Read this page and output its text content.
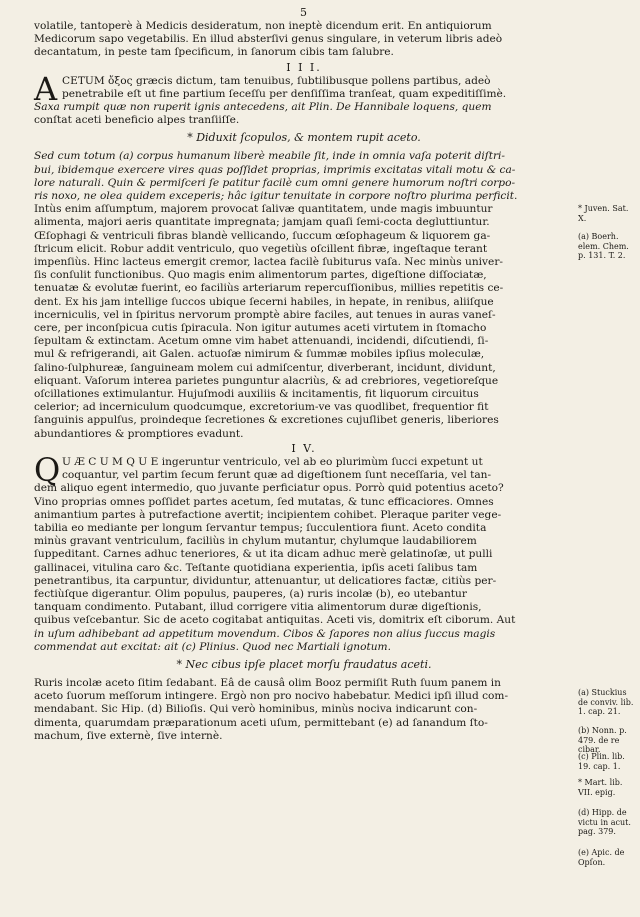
5

volatile, tantoperè à Medicis desideratum, non ineptè dicendum erit. En antiquiorum
Medicorum sapo vegetabilis. En illud absterſivi genus singulare, in veterum libris adeò
decantatum, in peste tam ſpecificum, in ſanorum cibis tam ſalubre.

I I I.
A CETUM ὄξος græcis dictum, tam tenuibus, ſubtilibusque pollens partibus, adeò
penetrabile eſt ut fine partium ſeceſſu per denſiſſima tranſeat, quam expeditiſſimè.

Saxa rumpit quæ non ruperit ignis antecedens, ait Plin. De Hannibale loquens, quem
conſtat aceti beneficio alpes tranſiiſſe.

* Diduxit ſcopulos, & montem rupit aceto.

Sed cum totum (a) corpus humanum liberè meabile ſit, inde in omnia vaſa poterit diſtri-
bui, ibidemque exercere vires quas poſſidet proprias, imprimis excitatas vitali motu & ca-
lore naturali. Quin & permiſceri ſe patitur facilè cum omni genere humorum noſtri corpo-
ris noxo, ne olea quidem exceperis; hâc igitur tenuitate in corpore noſtro plurima perficit.
Intùs enim aſſumptum, majorem provocat ſalivæ quantitatem, unde magis imbuuntur
alimenta, majori aeris quantitate impregnata; jamjam quaſi ſemi-cocta degluttiuntur.
Œſophagi & ventriculi fibras blandè vellicando, ſuccum œſophageum & liquorem ga-
ſtricum elicit. Robur addit ventriculo, quo vegetiùs oſcillent fibræ, ingeſtaque terant
impenſiùs. Hinc lacteus emergit cremor, lactea facilè ſubiturus vaſa. Nec minùs univer-
ſis conſulit functionibus. Quo magis enim alimentorum partes, digeſtione diſſociatæ,
tenuatæ & evolutæ fuerint, eo faciliùs arteriarum repercuſſionibus, millies repetitis ce-
dent. Ex his jam intellige ſuccos ubique ſecerni habiles, in hepate, in renibus, aliiſque
incerniculis, vel in ſpiritus nervorum promptè abire faciles, aut tenues in auras vaneſ-
cere, per inconſpicua cutis ſpiracula. Non igitur autumes aceti virtutem in ſtomacho
ſepultam & extinctam. Acetum omne vim habet attenuandi, incidendi, diſcutiendi, ſi-
mul & refrigerandi, ait Galen. actuoſæ nimirum & ſummæ mobiles ipſius moleculæ,
ſalino-ſulphureæ, ſanguineam molem cui admiſcentur, diverberant, incidunt, dividunt,
eliquant. Vaſorum interea parietes punguntur alacriùs, & ad crebriores, vegetioreſque
oſcillationes extimulantur. Hujuſmodi auxiliis & incitamentis, fit liquorum circuitus
celerior; ad incerniculum quodcumque, excretorium-ve vas quodlibet, frequentior fit
ſanguinis appulſus, proindeque ſecretiones & excretiones cujuſlibet generis, liberiores
abundantiores & promptiores evadunt.

I V.
Q U Æ C U M Q U E ingeruntur ventriculo, vel ab eo plurimùm ſucci expetunt ut
coquantur, vel partim ſecum ferunt quæ ad digeſtionem ſunt neceſſaria, vel tan-

dem aliquo egent intermedio, quo juvante perficiatur opus. Porrò quid potentius aceto?
Vino proprias omnes poſſidet partes acetum, ſed mutatas, & tunc efficaciores. Omnes
animantium partes à putrefactione avertit; incipientem cohibet. Pleraque pariter vege-
tabilia eo mediante per longum ſervantur tempus; ſucculentiora fiunt. Aceto condita
minùs gravant ventriculum, faciliùs in chylum mutantur, chylumque laudabiliorem
ſuppeditant. Carnes adhuc teneriores, & ut ita dicam adhuc merè gelatinoſæ, ut pulli
gallinacei, vitulina caro &c. Teſtante quotidiana experientia, ipſis aceti ſalibus tam
penetrantibus, ita carpuntur, dividuntur, attenuantur, ut delicatiores factæ, citiùs per-
fectiùſque digerantur. Olim populus, pauperes, (a) ruris incolæ (b), eo utebantur
tanquam condimento. Putabant, illud corrigere vitia alimentorum duræ digeſtionis,
quibus veſcebantur. Sic de aceto cogitabat antiquitas. Aceti vis, domitrix eſt ciborum. Aut
in uſum adhibebant ad appetitum movendum. Cibos & ſapores non alius ſuccus magis
commendat aut excitat: ait (c) Plinius. Quod nec Martiali ignotum.

* Nec cibus ipſe placet morſu fraudatus aceti.

Ruris incolæ aceto ſitim ſedabant. Eâ de causâ olim Booz permiſit Ruth ſuum panem in
aceto ſuorum meſſorum intingere. Ergò non pro nocivo habebatur. Medici ipſi illud com-
mendabant. Sic Hip. (d) Bilioſis. Qui verò hominibus, minùs nociva indicarunt con-
dimenta, quarumdam præparationum aceti uſum, permittebant (e) ad ſanandum ſto-
machum, ſive externè, ſive internè.

* Juven. Sat. X.
(a) Boerh. elem. Chem. p. 131. T. 2.
(a) Stuckius de conviv. lib. 1. cap. 21.
(b) Nonn. p. 479. de re cibar.
(c) Plin. lib. 19. cap. 1.
* Mart. lib. VII. epig.
(d) Hipp. de victu in acut. pag. 379.
(e) Apic. de Opſon.
